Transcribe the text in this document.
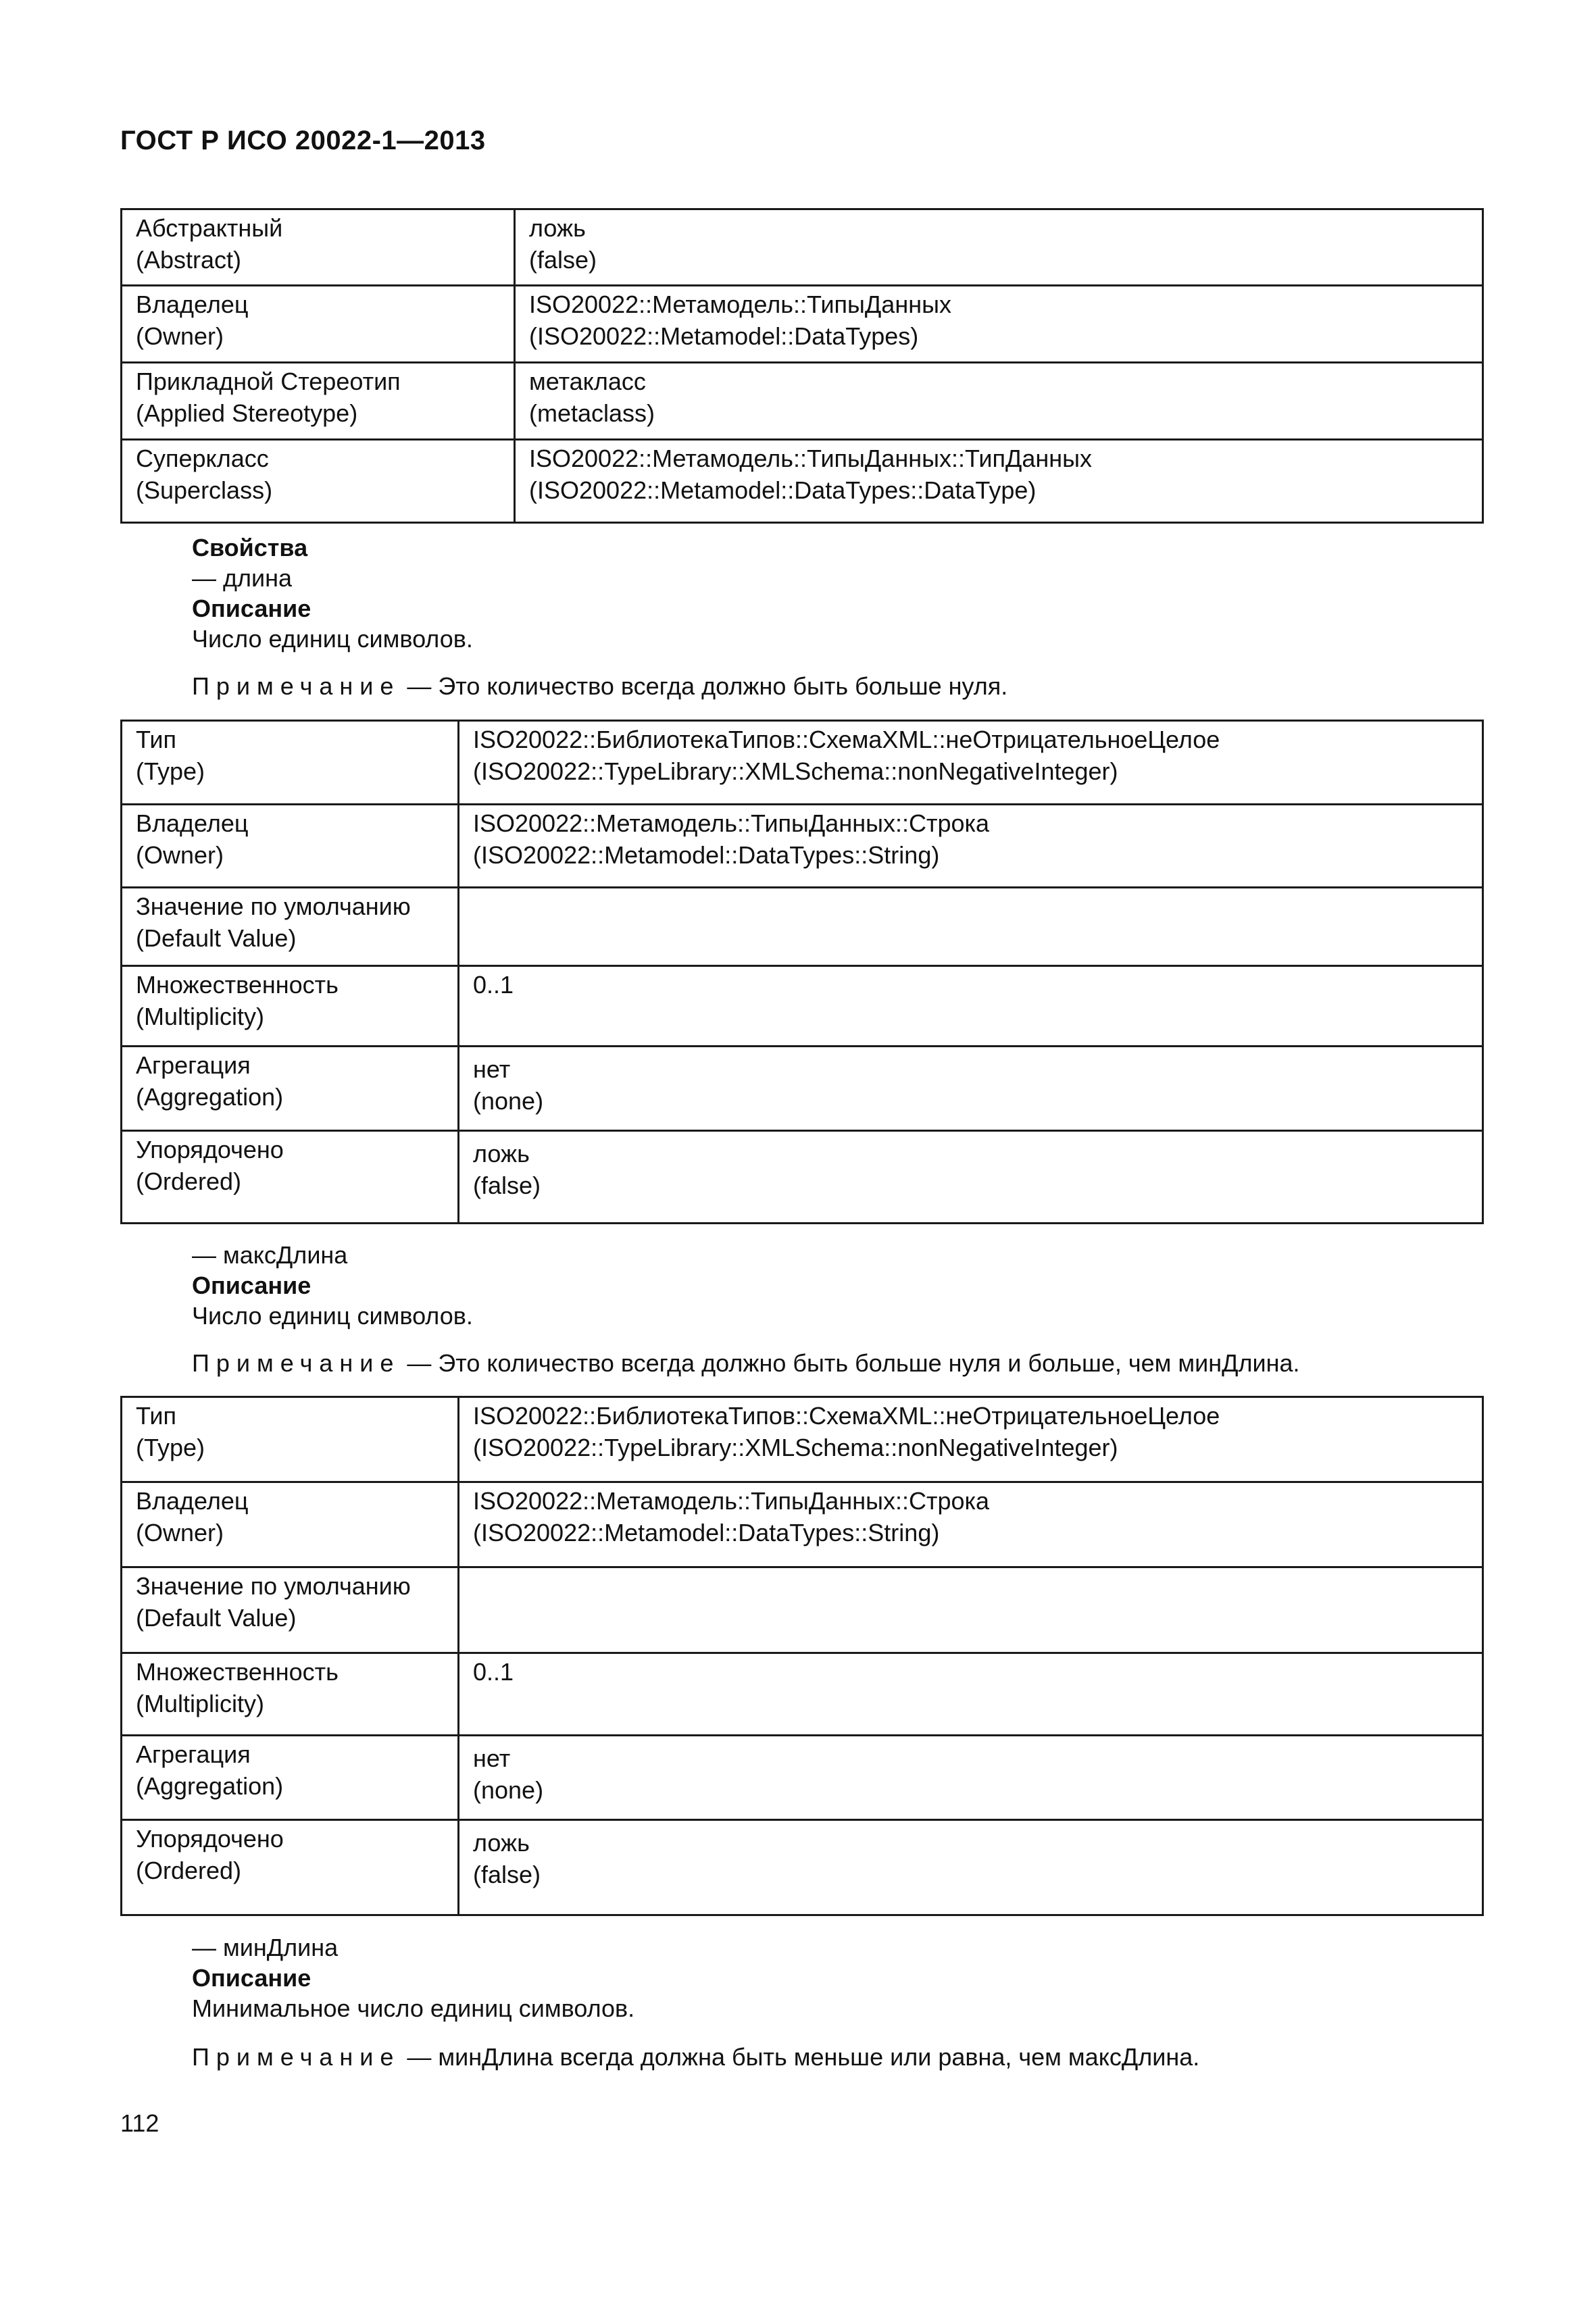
ГОСТ Р ИСО 20022-1—2013
Абстрактный
(Abstract)	ложь
(false)

Владелец
(Owner)	ISO20022::Метамодель::ТипыДанных
(ISO20022::Metamodel::DataTypes)

Прикладной Стереотип
(Applied Stereotype)	метакласс
(metaclass)

Суперкласс
(Superclass)	ISO20022::Метамодель::ТипыДанных::ТипДанных
(ISO20022::Metamodel::DataTypes::DataType)
Свойства
— длина
Описание
Число единиц символов.
Примечание — Это количество всегда должно быть больше нуля.
Тип
(Type)	ISO20022::БиблиотекаТипов::СхемаXML::неОтрицательноеЦелое
(ISO20022::TypeLibrary::XMLSchema::nonNegativeInteger)

Владелец
(Owner)	ISO20022::Метамодель::ТипыДанных::Строка
(ISO20022::Metamodel::DataTypes::String)

Значение по умолчанию
(Default Value)	

Множественность
(Multiplicity)	0..1

Агрегация
(Aggregation)	нет
(none)

Упорядочено
(Ordered)	ложь
(false)
— максДлина
Описание
Число единиц символов.
Примечание — Это количество всегда должно быть больше нуля и больше, чем минДлина.
Тип
(Type)	ISO20022::БиблиотекаТипов::СхемаXML::неОтрицательноеЦелое
(ISO20022::TypeLibrary::XMLSchema::nonNegativeInteger)

Владелец
(Owner)	ISO20022::Метамодель::ТипыДанных::Строка
(ISO20022::Metamodel::DataTypes::String)

Значение по умолчанию
(Default Value)	

Множественность
(Multiplicity)	0..1

Агрегация
(Aggregation)	нет
(none)

Упорядочено
(Ordered)	ложь
(false)
— минДлина
Описание
Минимальное число единиц символов.
Примечание — минДлина всегда должна быть меньше или равна, чем максДлина.
112
